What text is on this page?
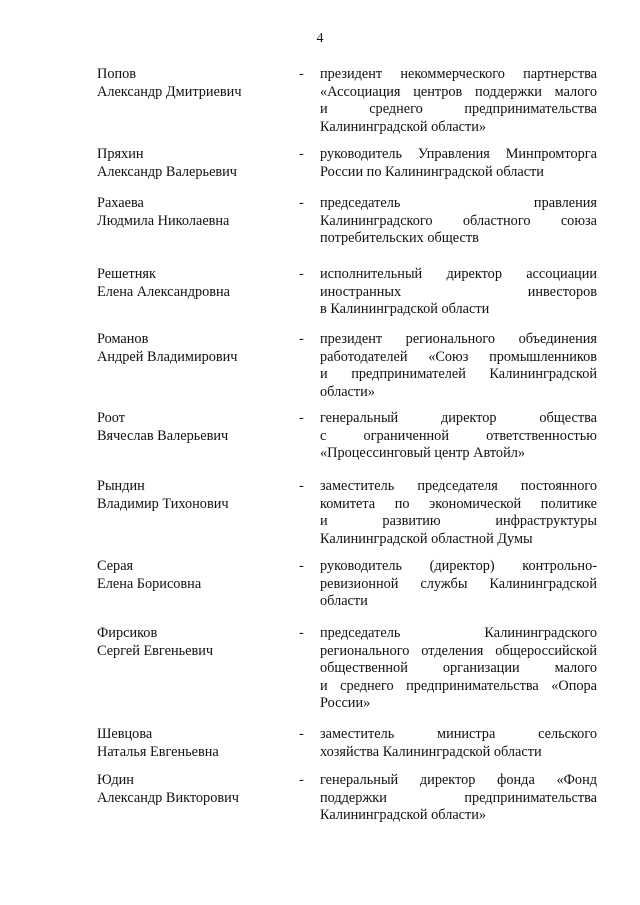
4
Попов
Александр Дмитриевич
- президент некоммерческого партнерства
«Ассоциация центров поддержки малого
и среднего предпринимательства
Калининградской области»
Пряхин
Александр Валерьевич
- руководитель Управления Минпромторга
России по Калининградской области
Рахаева
Людмила Николаевна
- председатель правления
Калининградского областного союза
потребительских обществ
Решетняк
Елена Александровна
- исполнительный директор ассоциации
иностранных инвесторов
в Калининградской области
Романов
Андрей Владимирович
- президент регионального объединения
работодателей «Союз промышленников
и предпринимателей Калининградской
области»
Роот
Вячеслав Валерьевич
- генеральный директор общества
с ограниченной ответственностью
«Процессинговый центр Автойл»
Рындин
Владимир Тихонович
- заместитель председателя постоянного
комитета по экономической политике
и развитию инфраструктуры
Калининградской областной Думы
Серая
Елена Борисовна
- руководитель (директор) контрольно-
ревизионной службы Калининградской
области
Фирсиков
Сергей Евгеньевич
- председатель Калининградского
регионального отделения общероссийской
общественной организации малого
и среднего предпринимательства «Опора
России»
Шевцова
Наталья Евгеньевна
- заместитель министра сельского
хозяйства Калининградской области
Юдин
Александр Викторович
- генеральный директор фонда «Фонд
поддержки предпринимательства
Калининградской области»
